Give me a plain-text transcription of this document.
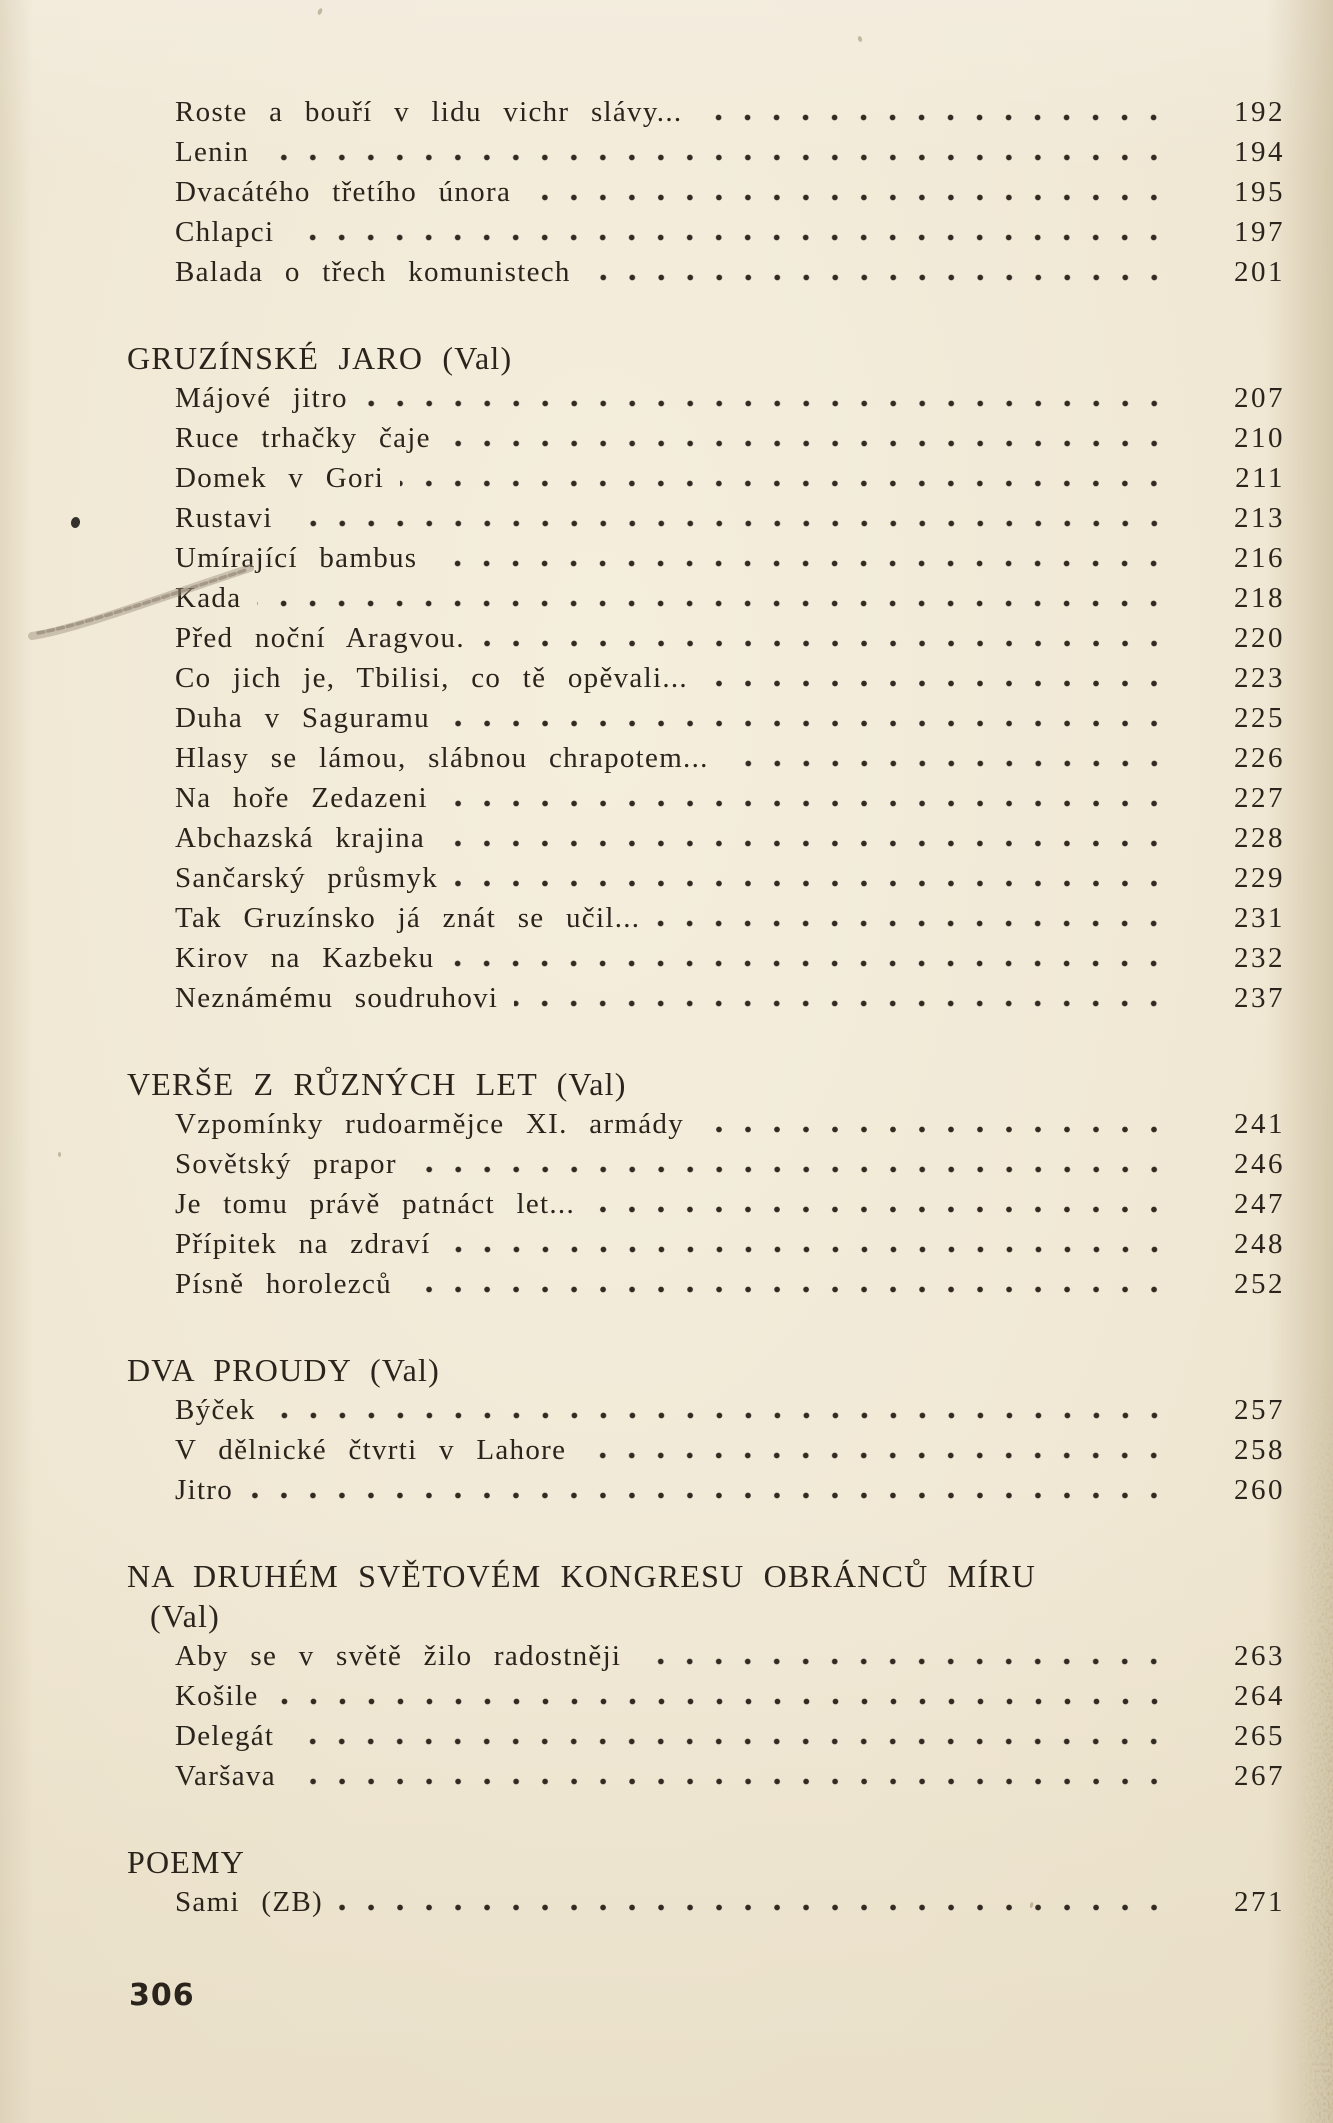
Roste a bouří v lidu vichr slávy...	192
Lenin	194
Dvacátého třetího února	195
Chlapci	197
Balada o třech komunistech	201
GRUZÍNSKÉ JARO (Val)
Májové jitro	207
Ruce trhačky čaje	210
Domek v Gori	211
Rustavi	213
Umírající bambus	216
Kada	218
Před noční Aragvou.	220
Co jich je, Tbilisi, co tě opěvali...	223
Duha v Saguramu	225
Hlasy se lámou, slábnou chrapotem...	226
Na hoře Zedazeni	227
Abchazská krajina	228
Sančarský průsmyk	229
Tak Gruzínsko já znát se učil...	231
Kirov na Kazbeku	232
Neznámému soudruhovi	237
VERŠE Z RŮZNÝCH LET (Val)
Vzpomínky rudoarmějce XI. armády	241
Sovětský prapor	246
Je tomu právě patnáct let...	247
Přípitek na zdraví	248
Písně horolezců	252
DVA PROUDY (Val)
Býček	257
V dělnické čtvrti v Lahore	258
Jitro	260
NA DRUHÉM SVĚTOVÉM KONGRESU OBRÁNCŮ MÍRU
(Val)
Aby se v světě žilo radostněji	263
Košile	264
Delegát	265
Varšava	267
POEMY
Sami (ZB)	271
306
